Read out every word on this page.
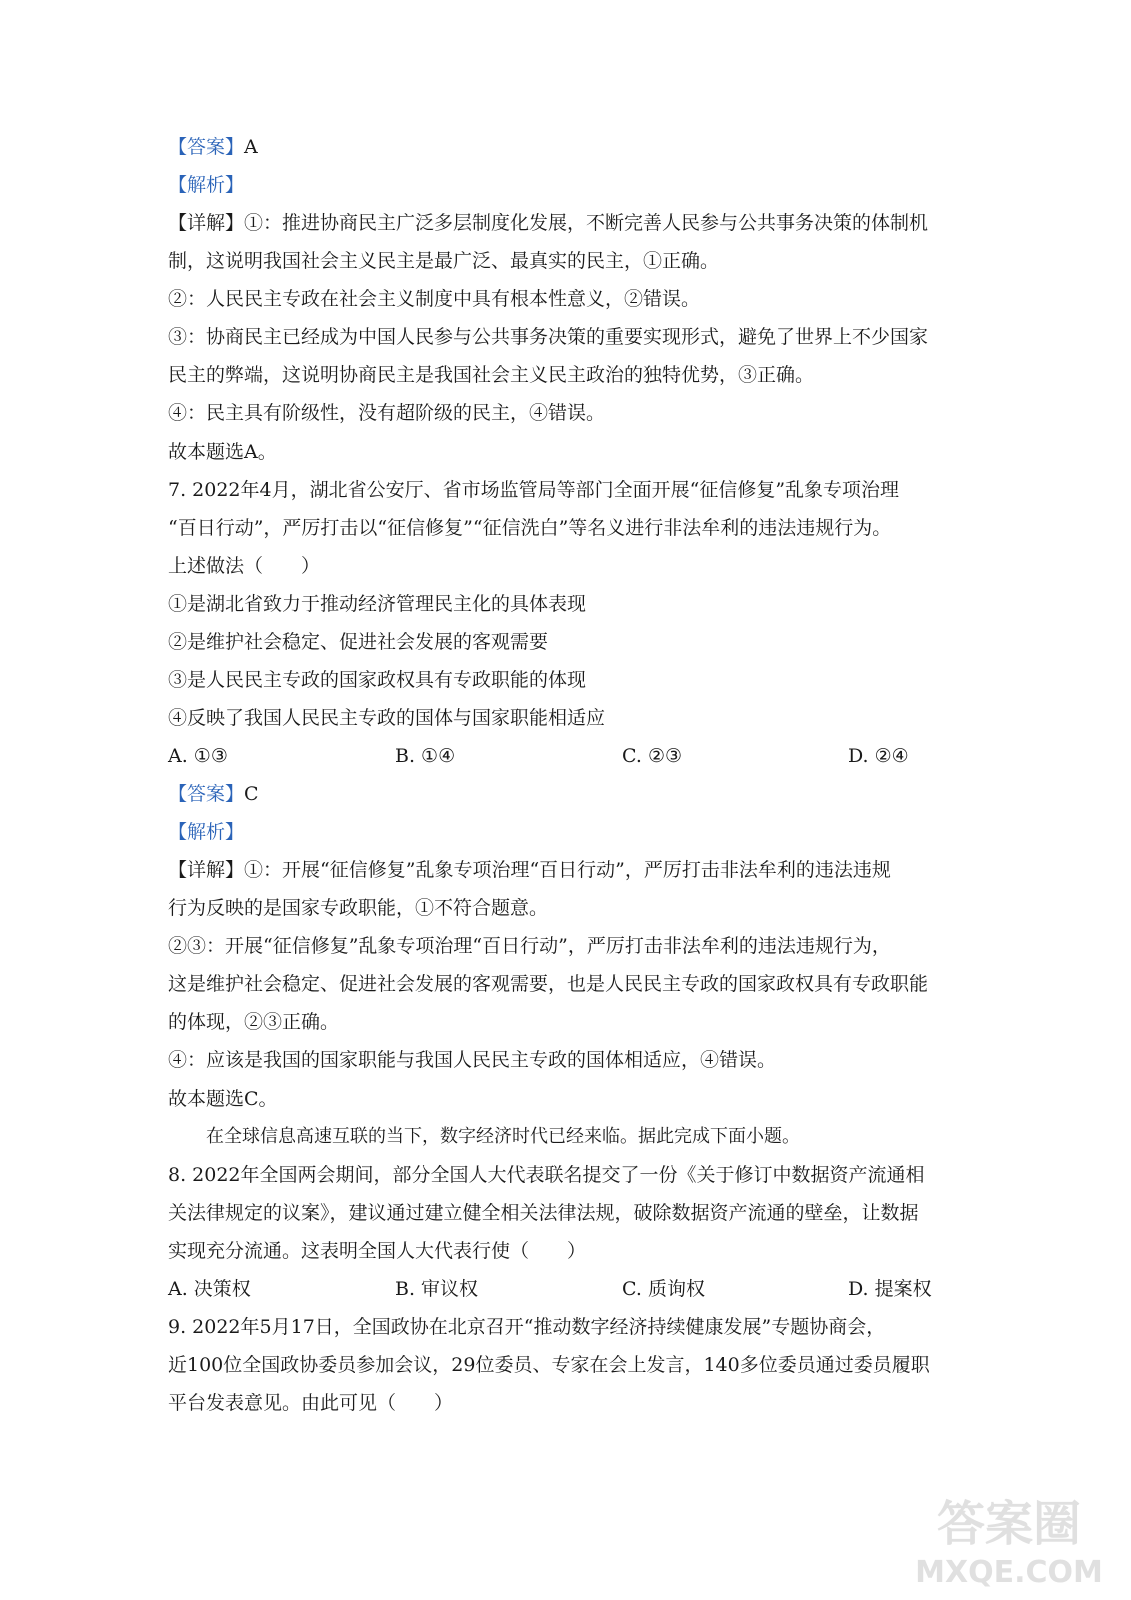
【答案】A
【解析】
【详解】①：推进协商民主广泛多层制度化发展，不断完善人民参与公共事务决策的体制机
制，这说明我国社会主义民主是最广泛、最真实的民主，①正确。
②：人民民主专政在社会主义制度中具有根本性意义，②错误。
③：协商民主已经成为中国人民参与公共事务决策的重要实现形式，避免了世界上不少国家
民主的弊端，这说明协商民主是我国社会主义民主政治的独特优势，③正确。
④：民主具有阶级性，没有超阶级的民主，④错误。
故本题选A。
7. 2022年4月，湖北省公安厅、省市场监管局等部门全面开展“征信修复”乱象专项治理
“百日行动”，严厉打击以“征信修复”“征信洗白”等名义进行非法牟利的违法违规行为。
上述做法（　　）
①是湖北省致力于推动经济管理民主化的具体表现
②是维护社会稳定、促进社会发展的客观需要
③是人民民主专政的国家政权具有专政职能的体现
④反映了我国人民民主专政的国体与国家职能相适应
A. ①③	B. ①④	C. ②③	D. ②④
【答案】C
【解析】
【详解】①：开展“征信修复”乱象专项治理“百日行动”，严厉打击非法牟利的违法违规
行为反映的是国家专政职能，①不符合题意。
②③：开展“征信修复”乱象专项治理“百日行动”，严厉打击非法牟利的违法违规行为，
这是维护社会稳定、促进社会发展的客观需要，也是人民民主专政的国家政权具有专政职能
的体现，②③正确。
④：应该是我国的国家职能与我国人民民主专政的国体相适应，④错误。
故本题选C。
在全球信息高速互联的当下，数字经济时代已经来临。据此完成下面小题。
8. 2022年全国两会期间，部分全国人大代表联名提交了一份《关于修订中数据资产流通相
关法律规定的议案》，建议通过建立健全相关法律法规，破除数据资产流通的壁垒，让数据
实现充分流通。这表明全国人大代表行使（　　）
A. 决策权	B. 审议权	C. 质询权	D. 提案权
9. 2022年5月17日，全国政协在北京召开“推动数字经济持续健康发展”专题协商会，
近100位全国政协委员参加会议，29位委员、专家在会上发言，140多位委员通过委员履职
平台发表意见。由此可见（　　）
答案圈
MXQE.COM
